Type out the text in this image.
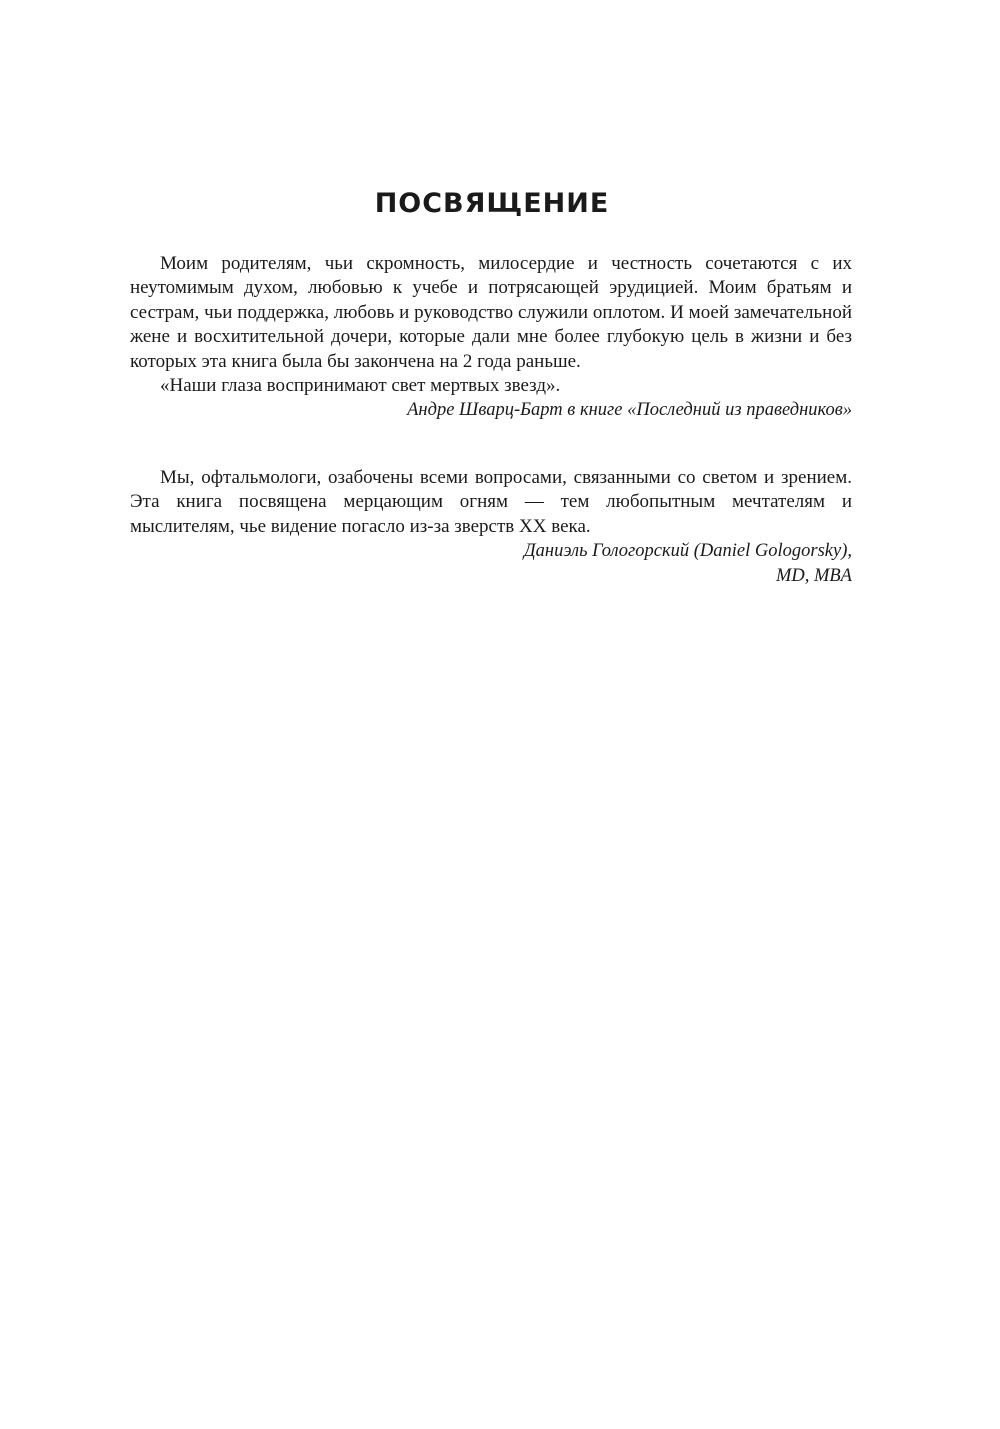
ПОСВЯЩЕНИЕ

Моим родителям, чьи скромность, милосердие и честность сочетаются с их неутомимым духом, любовью к учебе и потрясающей эрудицией. Моим братьям и сестрам, чьи поддержка, любовь и руководство служили оплотом. И моей замечательной жене и восхитительной дочери, которые дали мне более глубокую цель в жизни и без которых эта книга была бы закончена на 2 года раньше.

«Наши глаза воспринимают свет мертвых звезд».

Андре Шварц-Барт в книге «Последний из праведников»

Мы, офтальмологи, озабочены всеми вопросами, связанными со светом и зрением. Эта книга посвящена мерцающим огням — тем любопытным мечтателям и мыслителям, чье видение погасло из-за зверств XX века.

Даниэль Гологорский (Daniel Gologorsky),

MD, MBA
